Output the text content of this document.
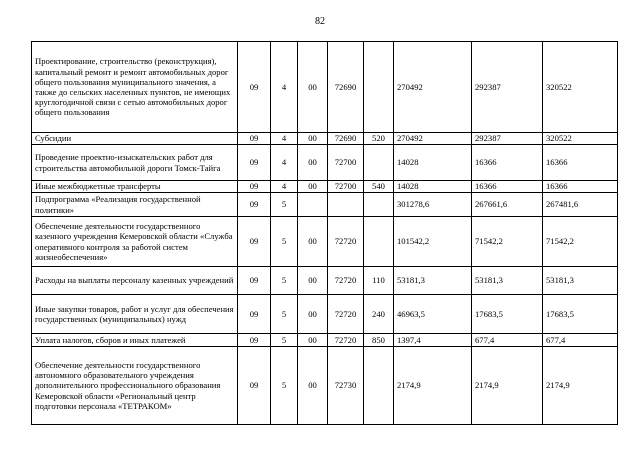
82
Проектирование, строительство (реконструкция), капитальный ремонт и ремонт автомобильных дорог общего пользования муниципального значения, а также до сельских населенных пунктов, не имеющих круглогодичной связи с сетью автомобильных дорог общего пользования	09	4	00	72690		270492	292387	320522
Субсидии	09	4	00	72690	520	270492	292387	320522
Проведение проектно-изыскательских работ для строительства автомобильной дороги Томск-Тайга	09	4	00	72700		14028	16366	16366
Иные межбюджетные трансферты	09	4	00	72700	540	14028	16366	16366
Подпрограмма «Реализация государственной политики»	09	5				301278,6	267661,6	267481,6
Обеспечение деятельности государственного казенного учреждения Кемеровской области «Служба оперативного контроля за работой систем жизнеобеспечения»	09	5	00	72720		101542,2	71542,2	71542,2
Расходы на выплаты персоналу казенных учреждений	09	5	00	72720	110	53181,3	53181,3	53181,3
Иные закупки товаров, работ и услуг для обеспечения государственных (муниципальных) нужд	09	5	00	72720	240	46963,5	17683,5	17683,5
Уплата налогов, сборов и иных платежей	09	5	00	72720	850	1397,4	677,4	677,4
Обеспечение деятельности государственного автономного образовательного учреждения дополнительного профессионального образования Кемеровской области «Региональный центр подготовки персонала «ТЕТРАКОМ»	09	5	00	72730		2174,9	2174,9	2174,9
